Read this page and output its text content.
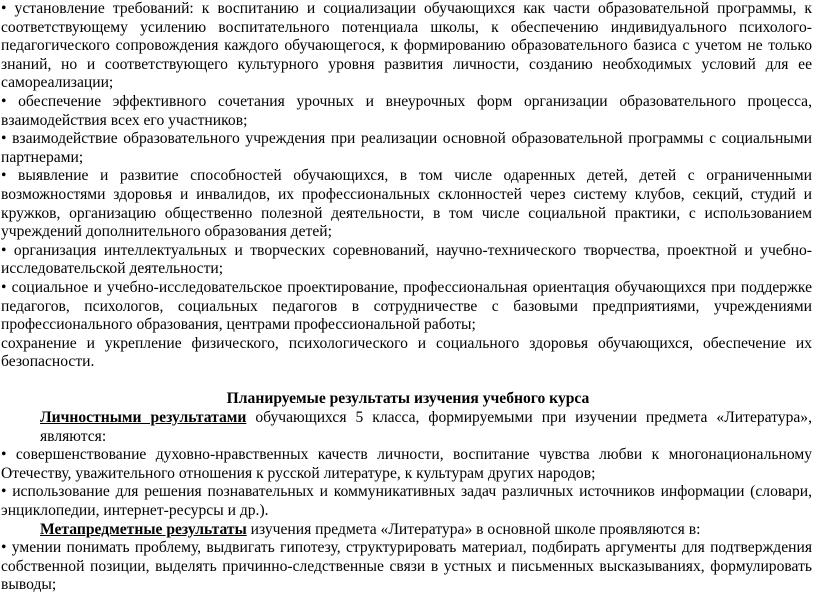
• установление требований: к воспитанию и социализации обучающихся как части образовательной программы, к соответствующему усилению воспитательного потенциала школы, к обеспечению индивидуального психолого-педагогического сопровождения каждого обучающегося, к формированию образовательного базиса с учетом не только знаний, но и соответствующего культурного уровня развития личности, созданию необходимых условий для ее самореализации;

• обеспечение эффективного сочетания урочных и внеурочных форм организации образовательного процесса, взаимодействия всех его участников;

• взаимодействие образовательного учреждения при реализации основной образовательной программы с социальными партнерами;

• выявление и развитие способностей обучающихся, в том числе одаренных детей, детей с ограниченными возможностями здоровья и инвалидов, их профессиональных склонностей через систему клубов, секций, студий и кружков, организацию общественно полезной деятельности, в том числе социальной практики, с использованием учреждений дополнительного образования детей;

• организация интеллектуальных и творческих соревнований, научно-технического творчества, проектной и учебно-исследовательской деятельности;

• социальное и учебно-исследовательское проектирование, профессиональная ориентация обучающихся при поддержке педагогов, психологов, социальных педагогов в сотрудничестве с базовыми предприятиями, учреждениями профессионального образования, центрами профессиональной работы;

сохранение и укрепление физического, психологического и социального здоровья обучающихся, обеспечение их безопасности.

Планируемые результаты изучения учебного курса

Личностными результатами обучающихся 5 класса, формируемыми при изучении предмета «Литература», являются:

• совершенствование духовно-нравственных качеств личности, воспитание чувства любви к многонациональному Отечеству, уважительного отношения к русской литературе, к культурам других народов;

• использование для решения познавательных и коммуникативных задач различных источников информации (словари, энциклопедии, интернет-ресурсы и др.).

Метапредметные результаты изучения предмета «Литература» в основной школе проявляются в:

• умении понимать проблему, выдвигать гипотезу, структурировать материал, подбирать аргументы для подтверждения собственной позиции, выделять причинно-следственные связи в устных и письменных высказываниях, формулировать выводы;
